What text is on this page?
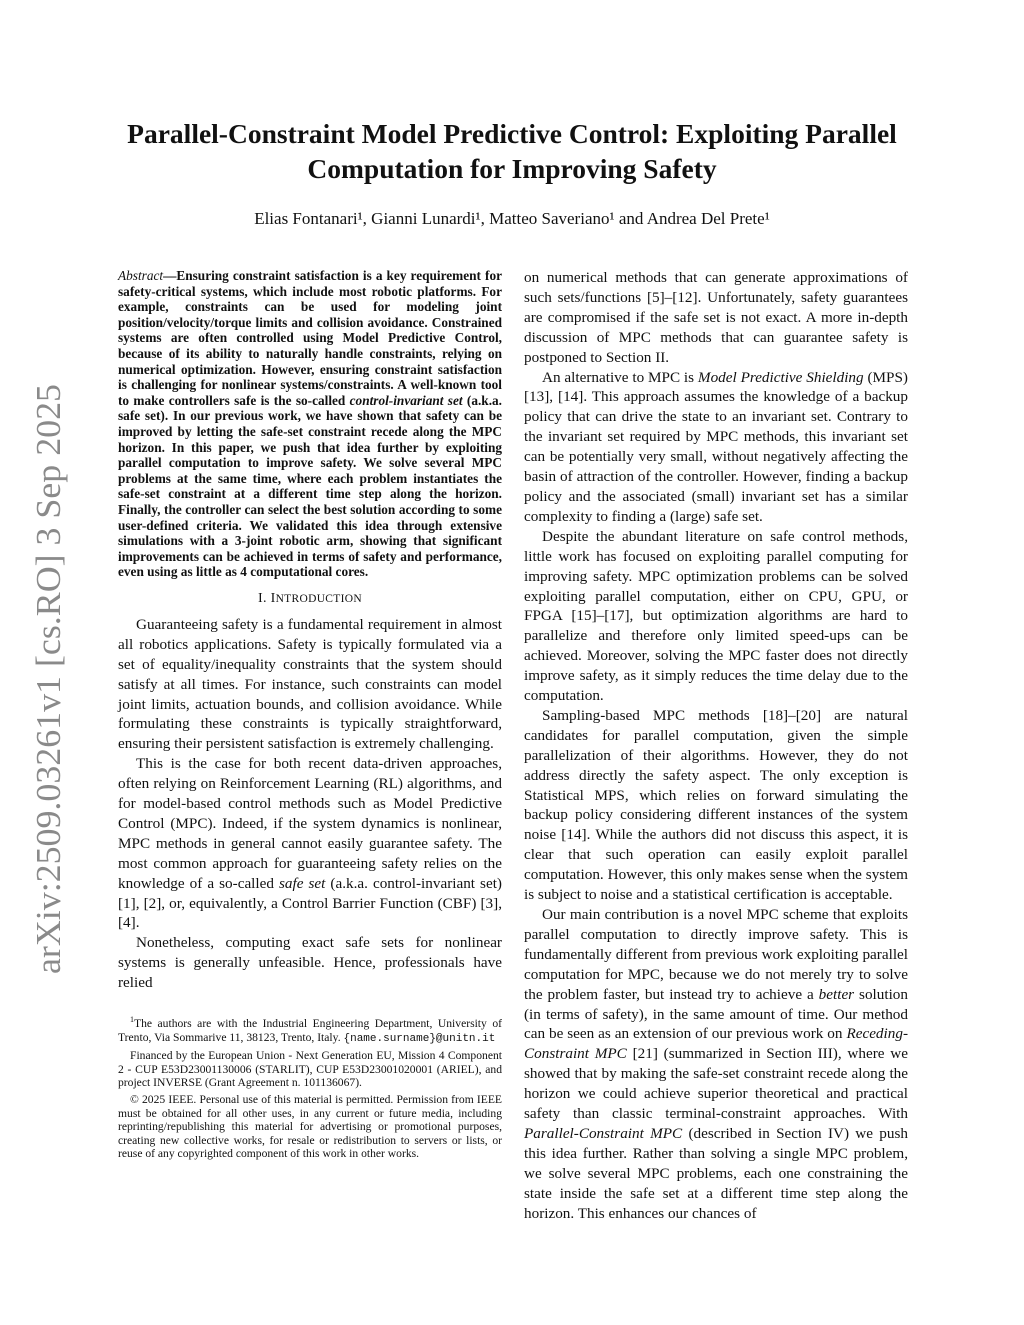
arXiv:2509.03261v1 [cs.RO] 3 Sep 2025
Parallel-Constraint Model Predictive Control: Exploiting Parallel
Computation for Improving Safety

Elias Fontanari¹, Gianni Lunardi¹, Matteo Saveriano¹ and Andrea Del Prete¹

Abstract—Ensuring constraint satisfaction is a key requirement for safety-critical systems, which include most robotic platforms. For example, constraints can be used for modeling joint position/velocity/torque limits and collision avoidance. Constrained systems are often controlled using Model Predictive Control, because of its ability to naturally handle constraints, relying on numerical optimization. However, ensuring constraint satisfaction is challenging for nonlinear systems/constraints. A well-known tool to make controllers safe is the so-called control-invariant set (a.k.a. safe set). In our previous work, we have shown that safety can be improved by letting the safe-set constraint recede along the MPC horizon. In this paper, we push that idea further by exploiting parallel computation to improve safety. We solve several MPC problems at the same time, where each problem instantiates the safe-set constraint at a different time step along the horizon. Finally, the controller can select the best solution according to some user-defined criteria. We validated this idea through extensive simulations with a 3-joint robotic arm, showing that significant improvements can be achieved in terms of safety and performance, even using as little as 4 computational cores.

I. INTRODUCTION

Guaranteeing safety is a fundamental requirement in almost all robotics applications. Safety is typically formulated via a set of equality/inequality constraints that the system should satisfy at all times. For instance, such constraints can model joint limits, actuation bounds, and collision avoidance. While formulating these constraints is typically straightforward, ensuring their persistent satisfaction is extremely challenging.

This is the case for both recent data-driven approaches, often relying on Reinforcement Learning (RL) algorithms, and for model-based control methods such as Model Predictive Control (MPC). Indeed, if the system dynamics is nonlinear, MPC methods in general cannot easily guarantee safety. The most common approach for guaranteeing safety relies on the knowledge of a so-called safe set (a.k.a. control-invariant set) [1], [2], or, equivalently, a Control Barrier Function (CBF) [3], [4].

Nonetheless, computing exact safe sets for nonlinear systems is generally unfeasible. Hence, professionals have relied

$^1$The authors are with the Industrial Engineering Department, University of Trento, Via Sommarive 11, 38123, Trento, Italy. {name.surname}@unitn.it

Financed by the European Union - Next Generation EU, Mission 4 Component 2 - CUP E53D23001130006 (STARLIT), CUP E53D23001020001 (ARIEL), and project INVERSE (Grant Agreement n. 101136067).

© 2025 IEEE. Personal use of this material is permitted. Permission from IEEE must be obtained for all other uses, in any current or future media, including reprinting/republishing this material for advertising or promotional purposes, creating new collective works, for resale or redistribution to servers or lists, or reuse of any copyrighted component of this work in other works.

on numerical methods that can generate approximations of such sets/functions [5]–[12]. Unfortunately, safety guarantees are compromised if the safe set is not exact. A more in-depth discussion of MPC methods that can guarantee safety is postponed to Section II.

An alternative to MPC is Model Predictive Shielding (MPS) [13], [14]. This approach assumes the knowledge of a backup policy that can drive the state to an invariant set. Contrary to the invariant set required by MPC methods, this invariant set can be potentially very small, without negatively affecting the basin of attraction of the controller. However, finding a backup policy and the associated (small) invariant set has a similar complexity to finding a (large) safe set.

Despite the abundant literature on safe control methods, little work has focused on exploiting parallel computing for improving safety. MPC optimization problems can be solved exploiting parallel computation, either on CPU, GPU, or FPGA [15]–[17], but optimization algorithms are hard to parallelize and therefore only limited speed-ups can be achieved. Moreover, solving the MPC faster does not directly improve safety, as it simply reduces the time delay due to the computation.

Sampling-based MPC methods [18]–[20] are natural candidates for parallel computation, given the simple parallelization of their algorithms. However, they do not address directly the safety aspect. The only exception is Statistical MPS, which relies on forward simulating the backup policy considering different instances of the system noise [14]. While the authors did not discuss this aspect, it is clear that such operation can easily exploit parallel computation. However, this only makes sense when the system is subject to noise and a statistical certification is acceptable.

Our main contribution is a novel MPC scheme that exploits parallel computation to directly improve safety. This is fundamentally different from previous work exploiting parallel computation for MPC, because we do not merely try to solve the problem faster, but instead try to achieve a better solution (in terms of safety), in the same amount of time. Our method can be seen as an extension of our previous work on Receding-Constraint MPC [21] (summarized in Section III), where we showed that by making the safe-set constraint recede along the horizon we could achieve superior theoretical and practical safety than classic terminal-constraint approaches. With Parallel-Constraint MPC (described in Section IV) we push this idea further. Rather than solving a single MPC problem, we solve several MPC problems, each one constraining the state inside the safe set at a different time step along the horizon. This enhances our chances of
